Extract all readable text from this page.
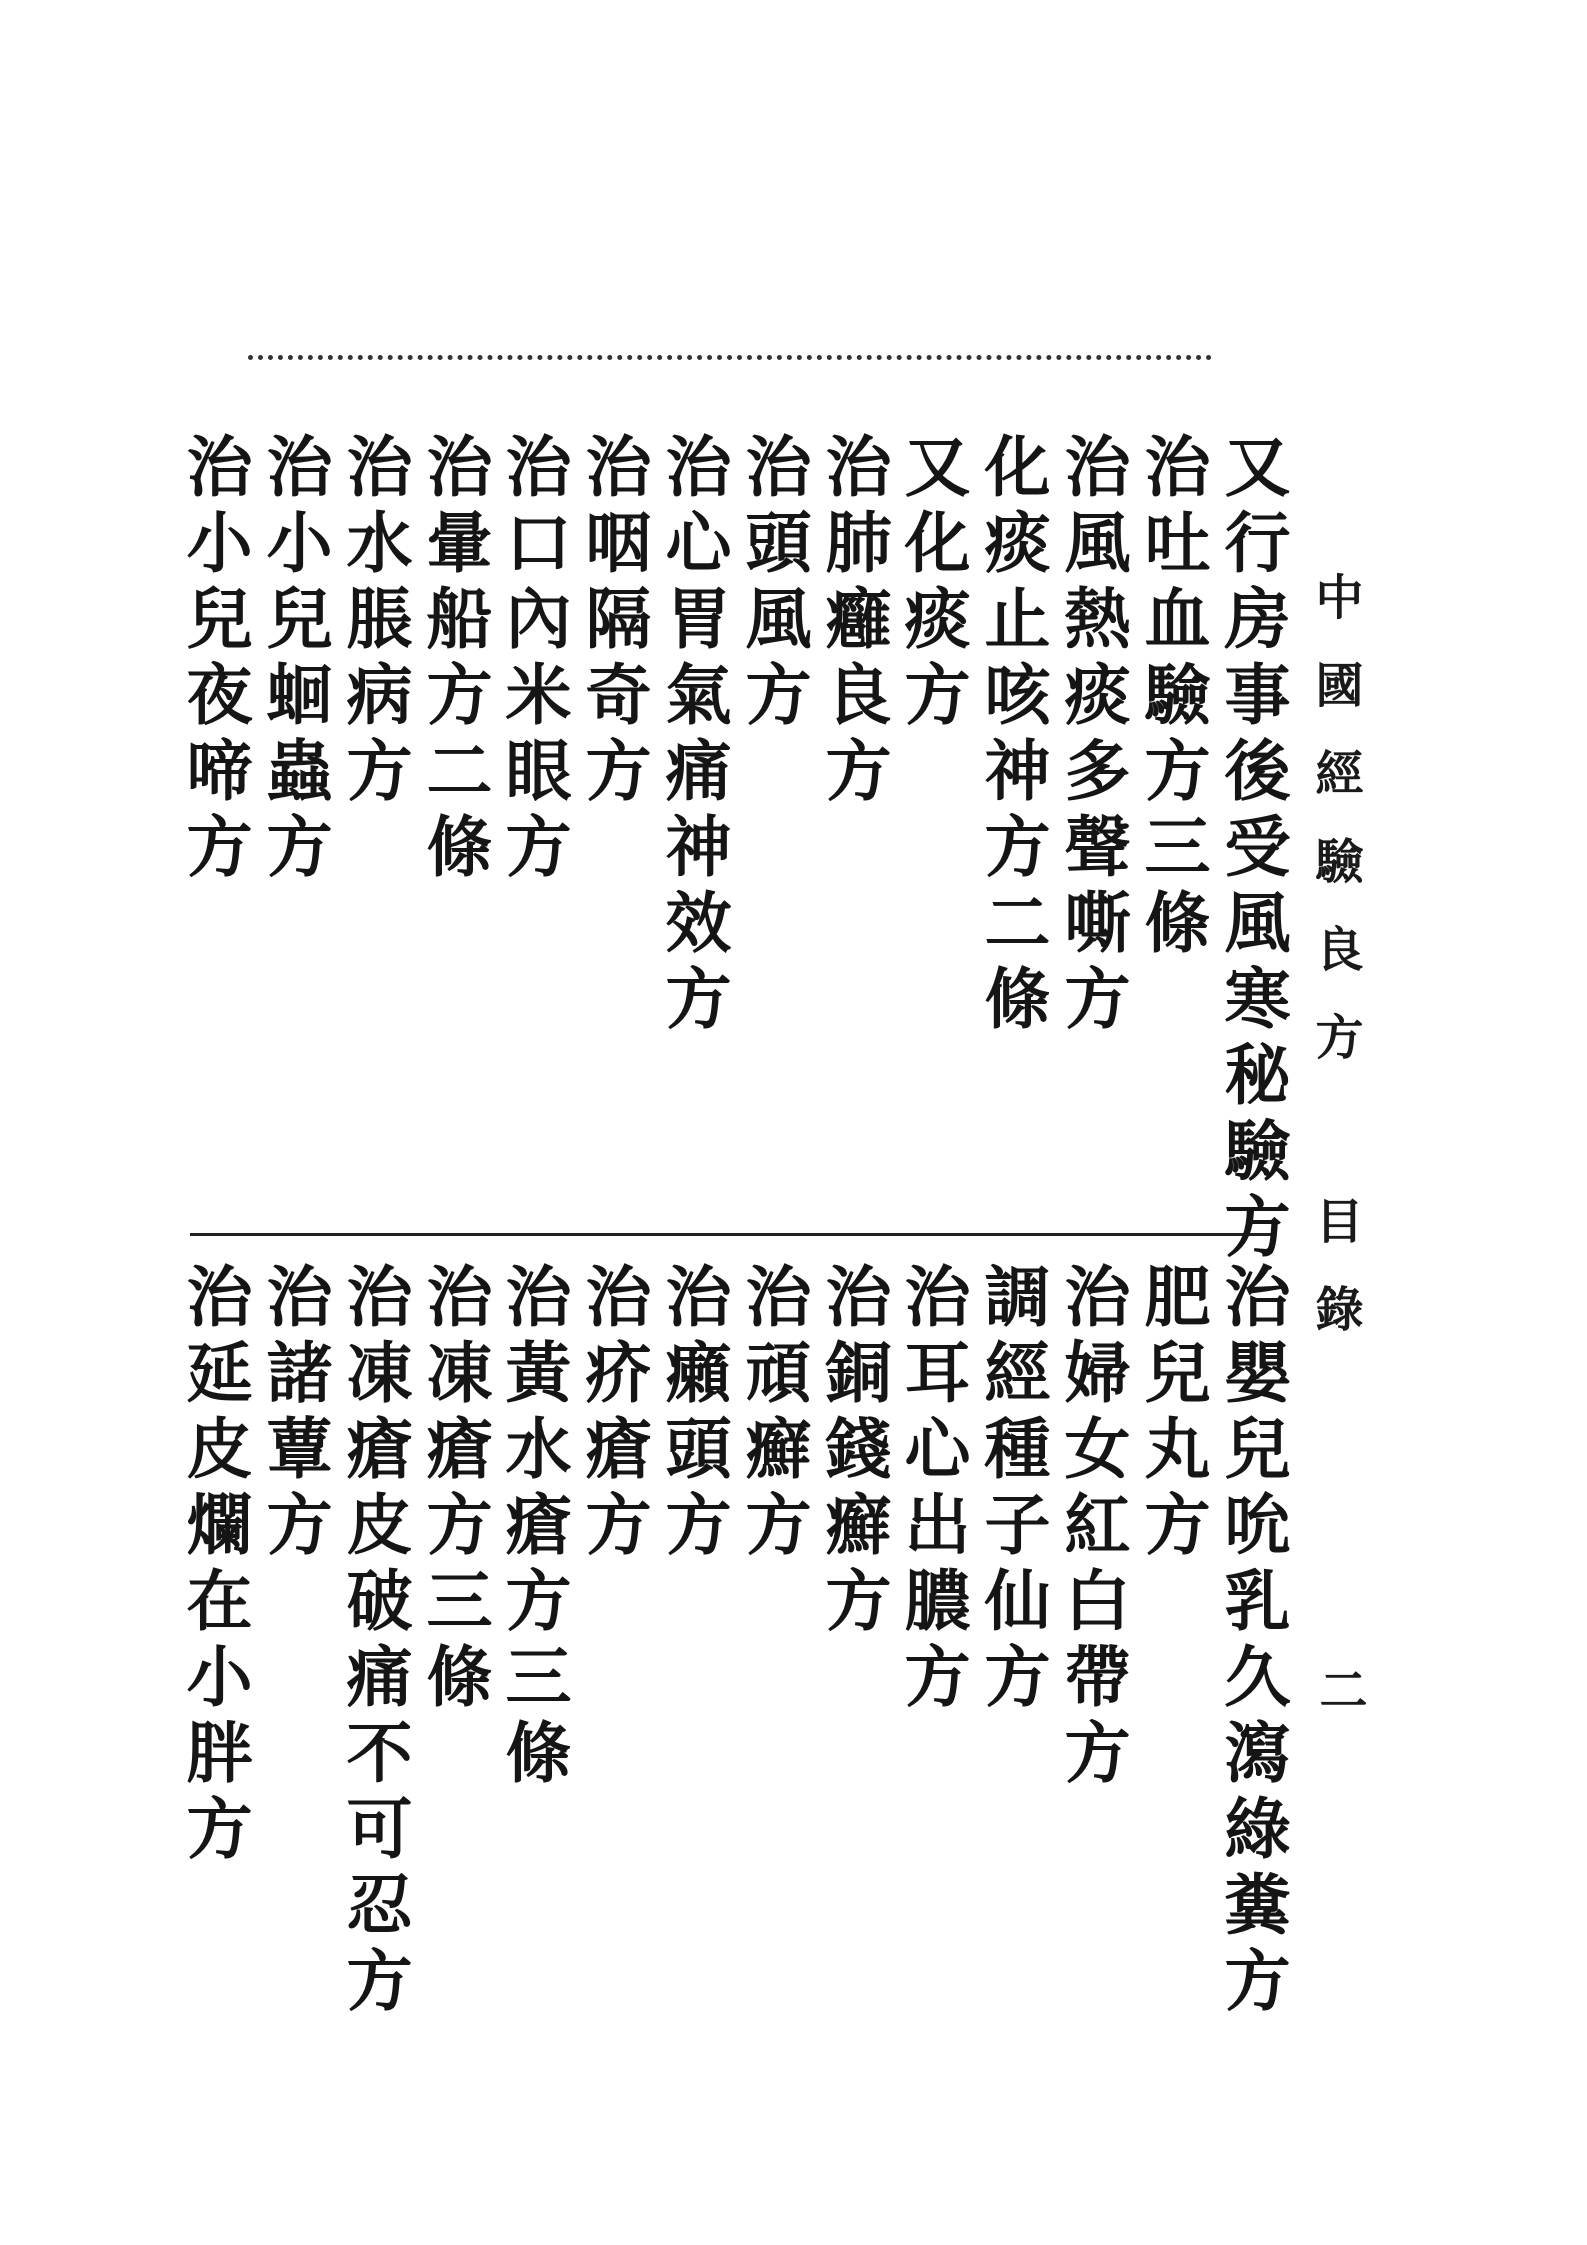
中國經驗良方 目錄
二
又行房事後受風寒秘驗方
治吐血驗方三條
治風熱痰多聲嘶方
化痰止咳神方二條
又化痰方
治肺癰良方
治頭風方
治心胃氣痛神效方
治咽隔奇方
治口內米眼方
治暈船方二條
治水脹病方
治小兒蛔蟲方
治小兒夜啼方
治嬰兒吮乳久瀉綠糞方
肥兒丸方
治婦女紅白帶方
調經種子仙方
治耳心出膿方
治銅錢癬方
治頑癬方
治癩頭方
治疥瘡方
治黃水瘡方三條
治凍瘡方三條
治凍瘡皮破痛不可忍方
治諸蕈方
治延皮爛在小胖方
